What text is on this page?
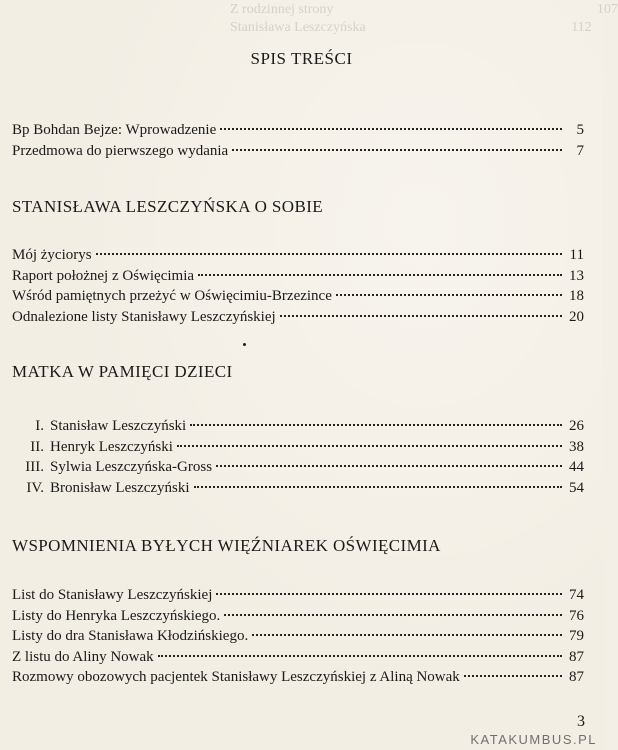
Z rodzinnej strony	107
Stanisława Leszczyńska	112
SPIS TREŚCI
Bp Bohdan Bejze: Wprowadzenie	5
Przedmowa do pierwszego wydania	7
STANISŁAWA LESZCZYŃSKA O SOBIE
Mój życiorys	11
Raport położnej z Oświęcimia	13
Wśród pamiętnych przeżyć w Oświęcimiu-Brzezince	18
Odnalezione listy Stanisławy Leszczyńskiej	20
MATKA W PAMIĘCI DZIECI
I. Stanisław Leszczyński	26
II. Henryk Leszczyński	38
III. Sylwia Leszczyńska-Gross	44
IV. Bronisław Leszczyński	54
WSPOMNIENIA BYŁYCH WIĘŹNIAREK OŚWIĘCIMIA
List do Stanisławy Leszczyńskiej	74
Listy do Henryka Leszczyńskiego.	76
Listy do dra Stanisława Kłodzińskiego.	79
Z listu do Aliny Nowak	87
Rozmowy obozowych pacjentek Stanisławy Leszczyńskiej z Aliną Nowak	87
3
KATAKUMBUS.PL
